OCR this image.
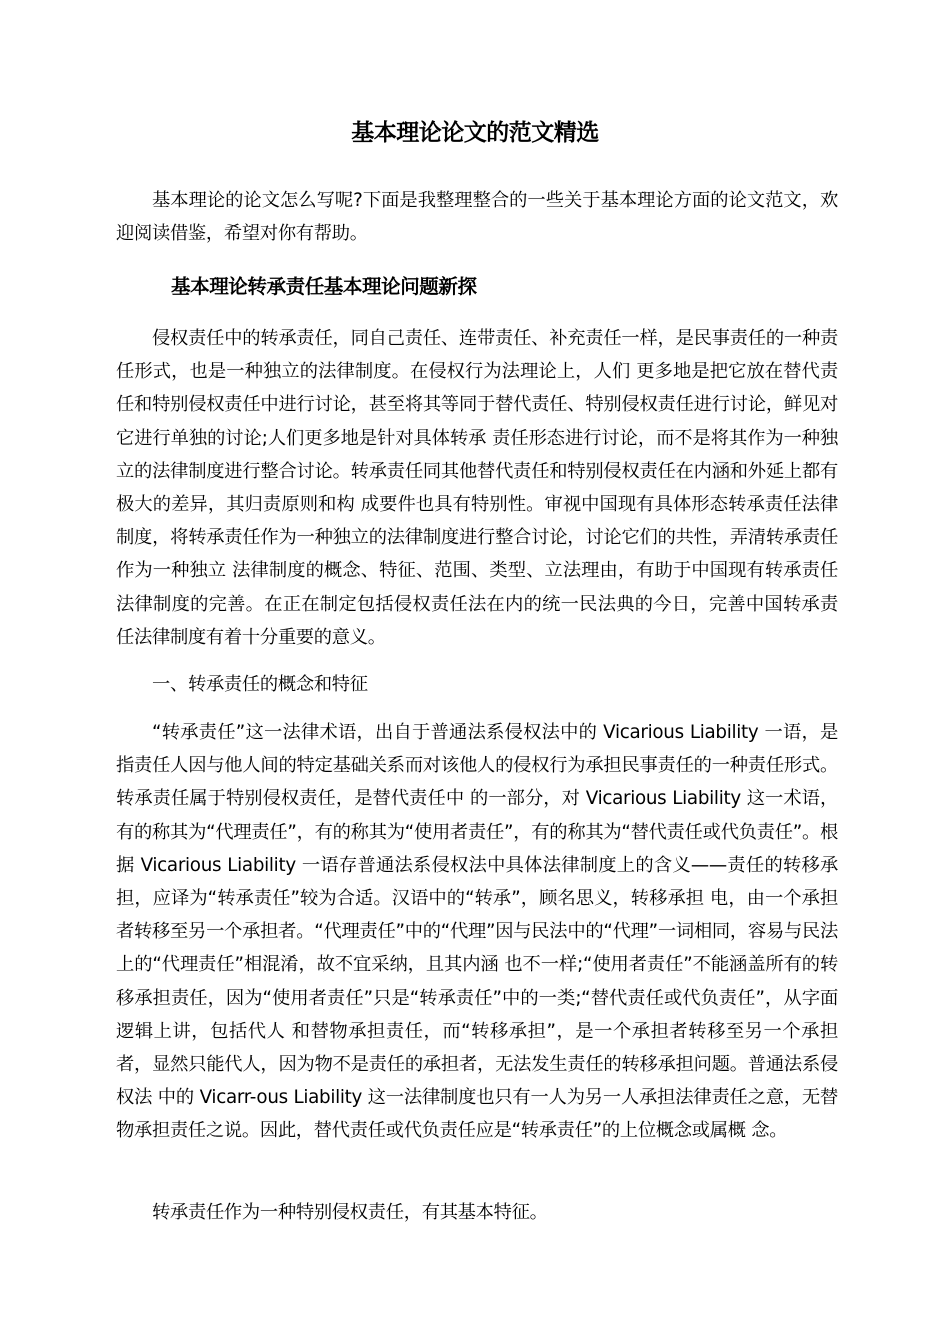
基本理论论文的范文精选
基本理论的论文怎么写呢?下面是我整理整合的一些关于基本理论方面的论文范文，欢迎阅读借鉴，希望对你有帮助。
基本理论转承责任基本理论问题新探
侵权责任中的转承责任，同自己责任、连带责任、补充责任一样，是民事责任的一种责任形式，也是一种独立的法律制度。在侵权行为法理论上，人们 更多地是把它放在替代责任和特别侵权责任中进行讨论，甚至将其等同于替代责任、特别侵权责任进行讨论，鲜见对它进行单独的讨论;人们更多地是针对具体转承 责任形态进行讨论，而不是将其作为一种独立的法律制度进行整合讨论。转承责任同其他替代责任和特别侵权责任在内涵和外延上都有极大的差异，其归责原则和构 成要件也具有特别性。审视中国现有具体形态转承责任法律制度，将转承责任作为一种独立的法律制度进行整合讨论，讨论它们的共性，弄清转承责任作为一种独立 法律制度的概念、特征、范围、类型、立法理由，有助于中国现有转承责任法律制度的完善。在正在制定包括侵权责任法在内的统一民法典的今日，完善中国转承责 任法律制度有着十分重要的意义。
一、转承责任的概念和特征
“转承责任”这一法律术语，出自于普通法系侵权法中的 Vicarious Liability 一语，是指责任人因与他人间的特定基础关系而对该他人的侵权行为承担民事责任的一种责任形式。转承责任属于特别侵权责任，是替代责任中 的一部分，对 Vicarious Liability 这一术语，有的称其为“代理责任”，有的称其为“使用者责任”，有的称其为“替代责任或代负责任”。根据 Vicarious Liability 一语存普通法系侵权法中具体法律制度上的含义——责任的转移承担，应译为“转承责任”较为合适。汉语中的“转承”，顾名思义，转移承担 电，由一个承担者转移至另一个承担者。“代理责任”中的“代理”因与民法中的“代理”一词相同，容易与民法上的“代理责任”相混淆，故不宜采纳，且其内涵 也不一样;“使用者责任”不能涵盖所有的转移承担责任，因为“使用者责任”只是“转承责任”中的一类;“替代责任或代负责任”，从字面逻辑上讲，包括代人 和替物承担责任，而“转移承担”，是一个承担者转移至另一个承担者，显然只能代人，因为物不是责任的承担者，无法发生责任的转移承担问题。普通法系侵权法 中的 Vicarr-ous Liability 这一法律制度也只有一人为另一人承担法律责任之意，无替物承担责任之说。因此，替代责任或代负责任应是“转承责任”的上位概念或属概 念。
转承责任作为一种特别侵权责任，有其基本特征。
